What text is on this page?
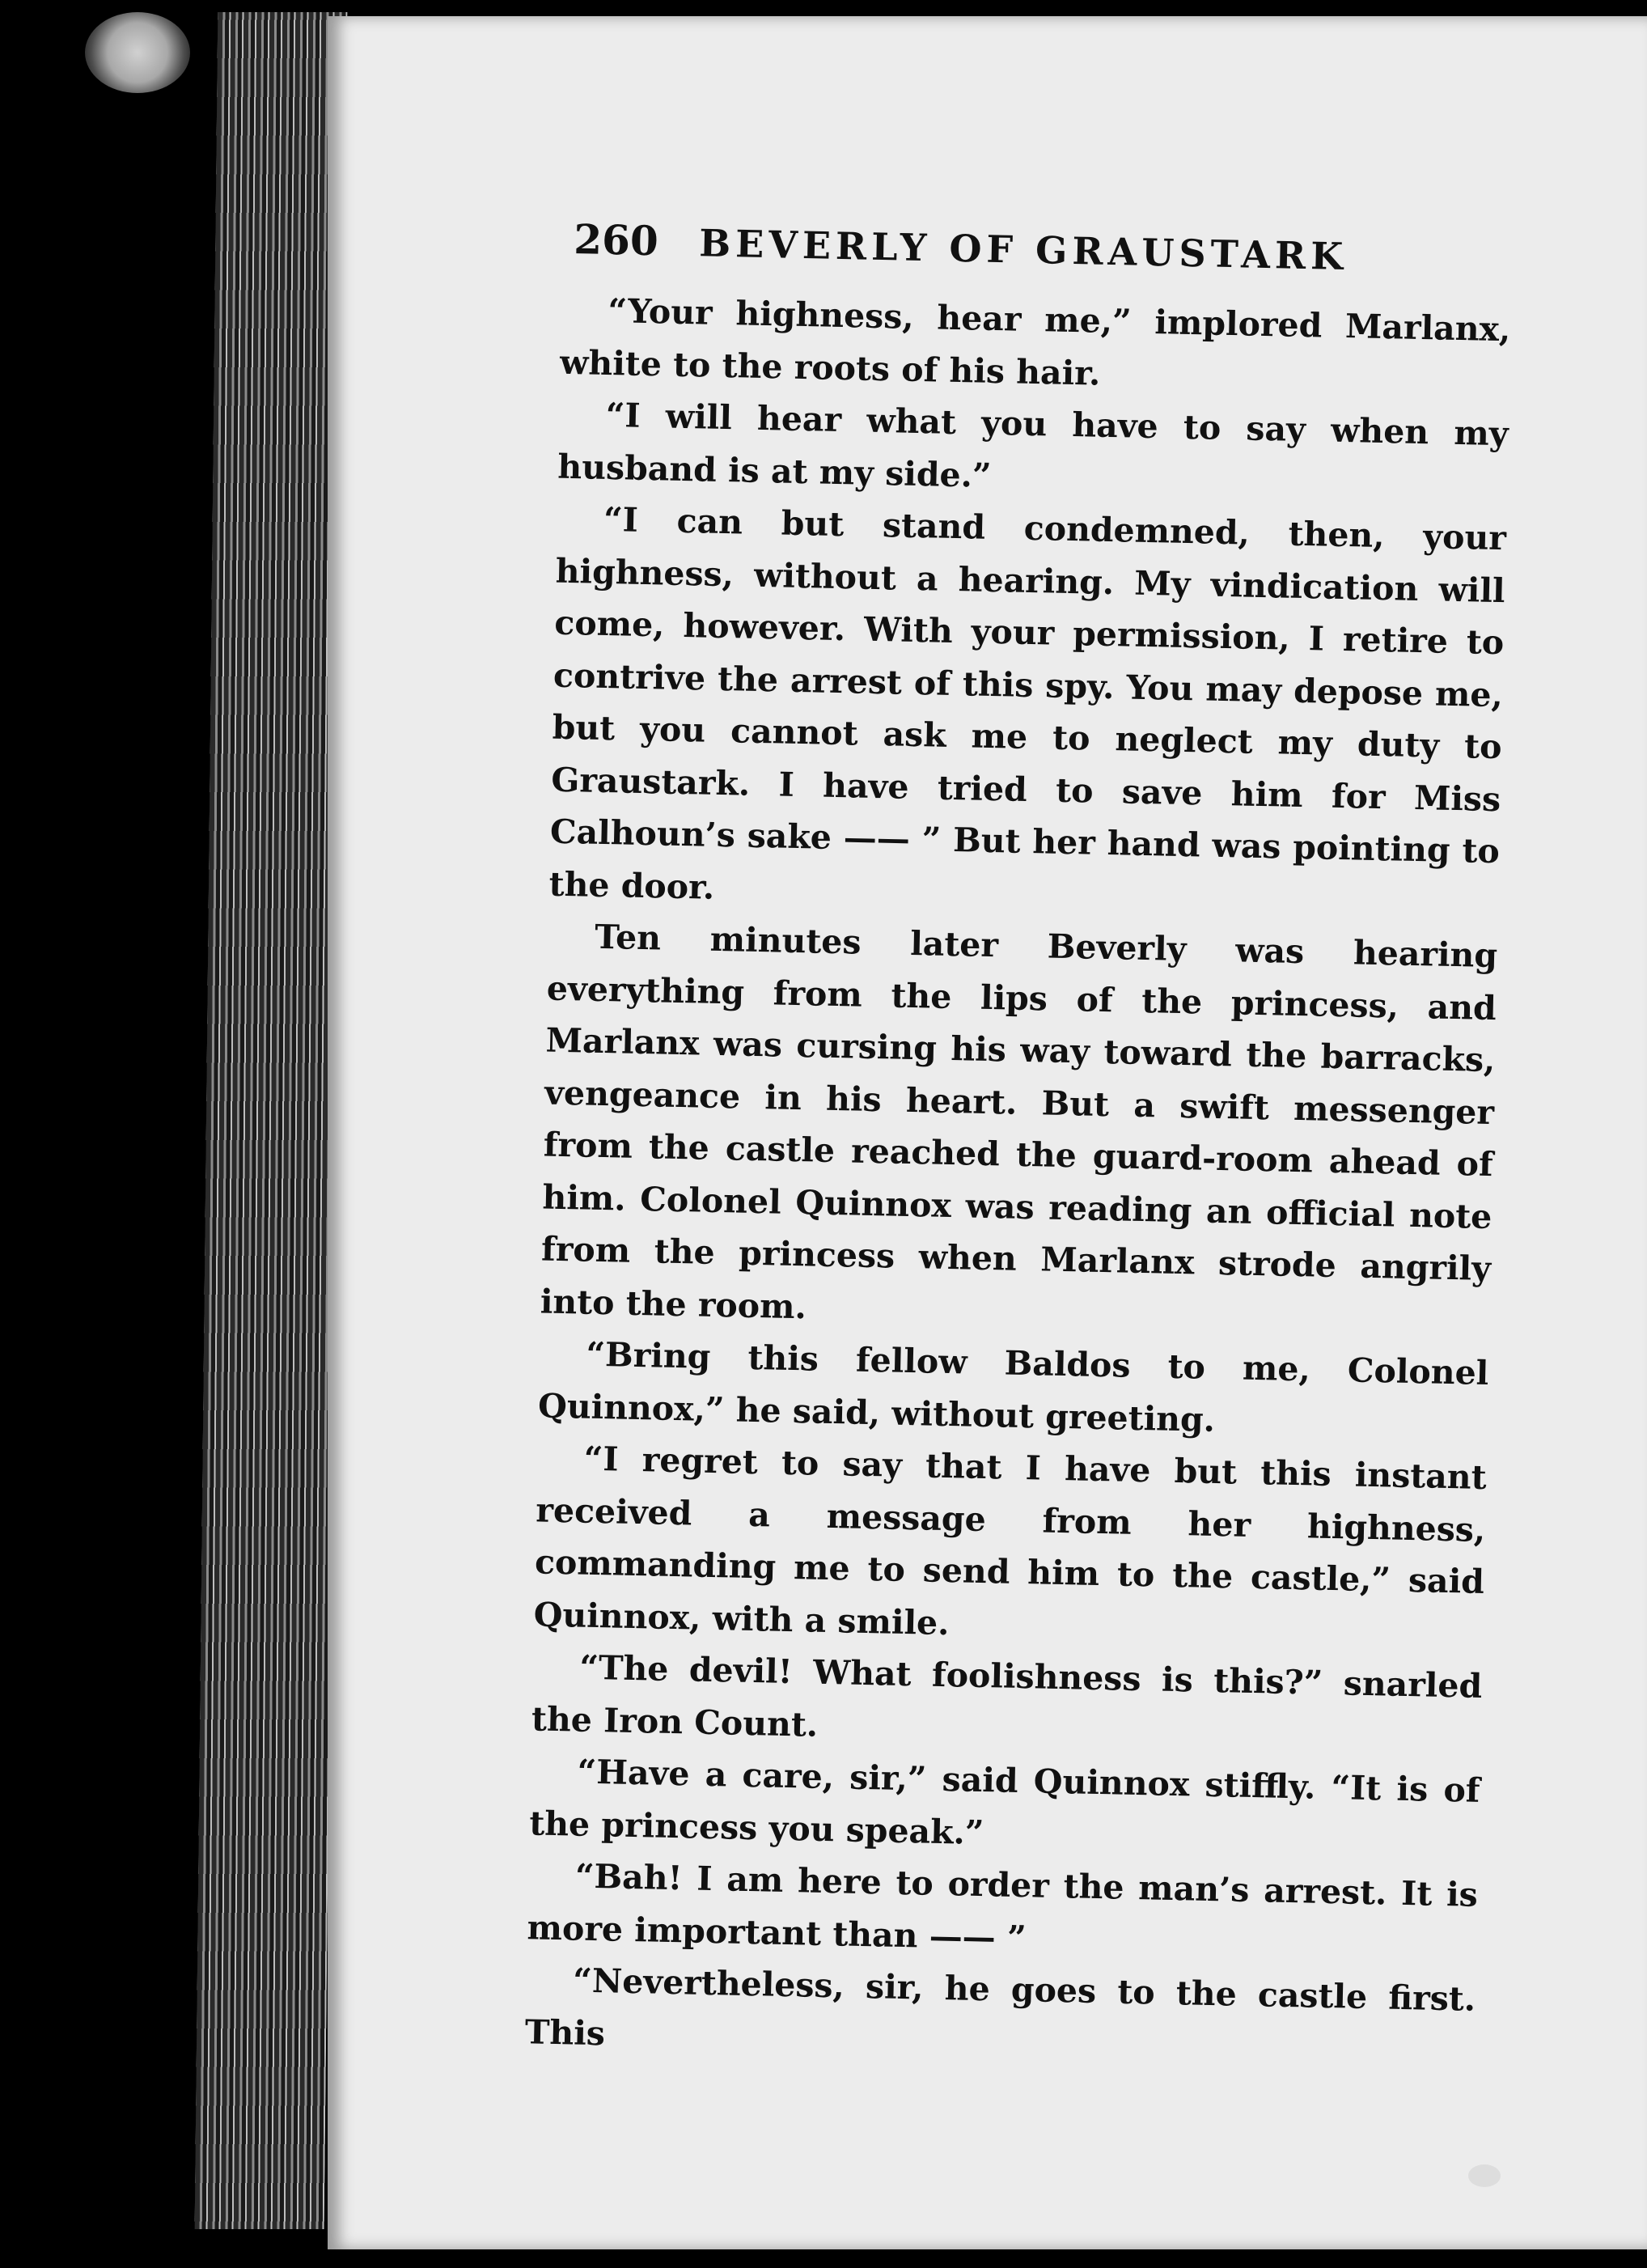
260	BEVERLY OF GRAUSTARK

“Your highness, hear me,” implored Marlanx, white to the roots of his hair.

“I will hear what you have to say when my husband is at my side.”

“I can but stand condemned, then, your highness, without a hearing. My vindication will come, however. With your permission, I retire to contrive the arrest of this spy. You may depose me, but you cannot ask me to neglect my duty to Graustark. I have tried to save him for Miss Calhoun’s sake —— ” But her hand was pointing to the door.

Ten minutes later Beverly was hearing everything from the lips of the princess, and Marlanx was cursing his way toward the barracks, vengeance in his heart. But a swift messenger from the castle reached the guard-room ahead of him. Colonel Quinnox was reading an official note from the princess when Marlanx strode angrily into the room.

“Bring this fellow Baldos to me, Colonel Quinnox,” he said, without greeting.

“I regret to say that I have but this instant received a message from her highness, commanding me to send him to the castle,” said Quinnox, with a smile.

“The devil! What foolishness is this?” snarled the Iron Count.

“Have a care, sir,” said Quinnox stiffly. “It is of the princess you speak.”

“Bah! I am here to order the man’s arrest. It is more important than —— ”

“Nevertheless, sir, he goes to the castle first. This
